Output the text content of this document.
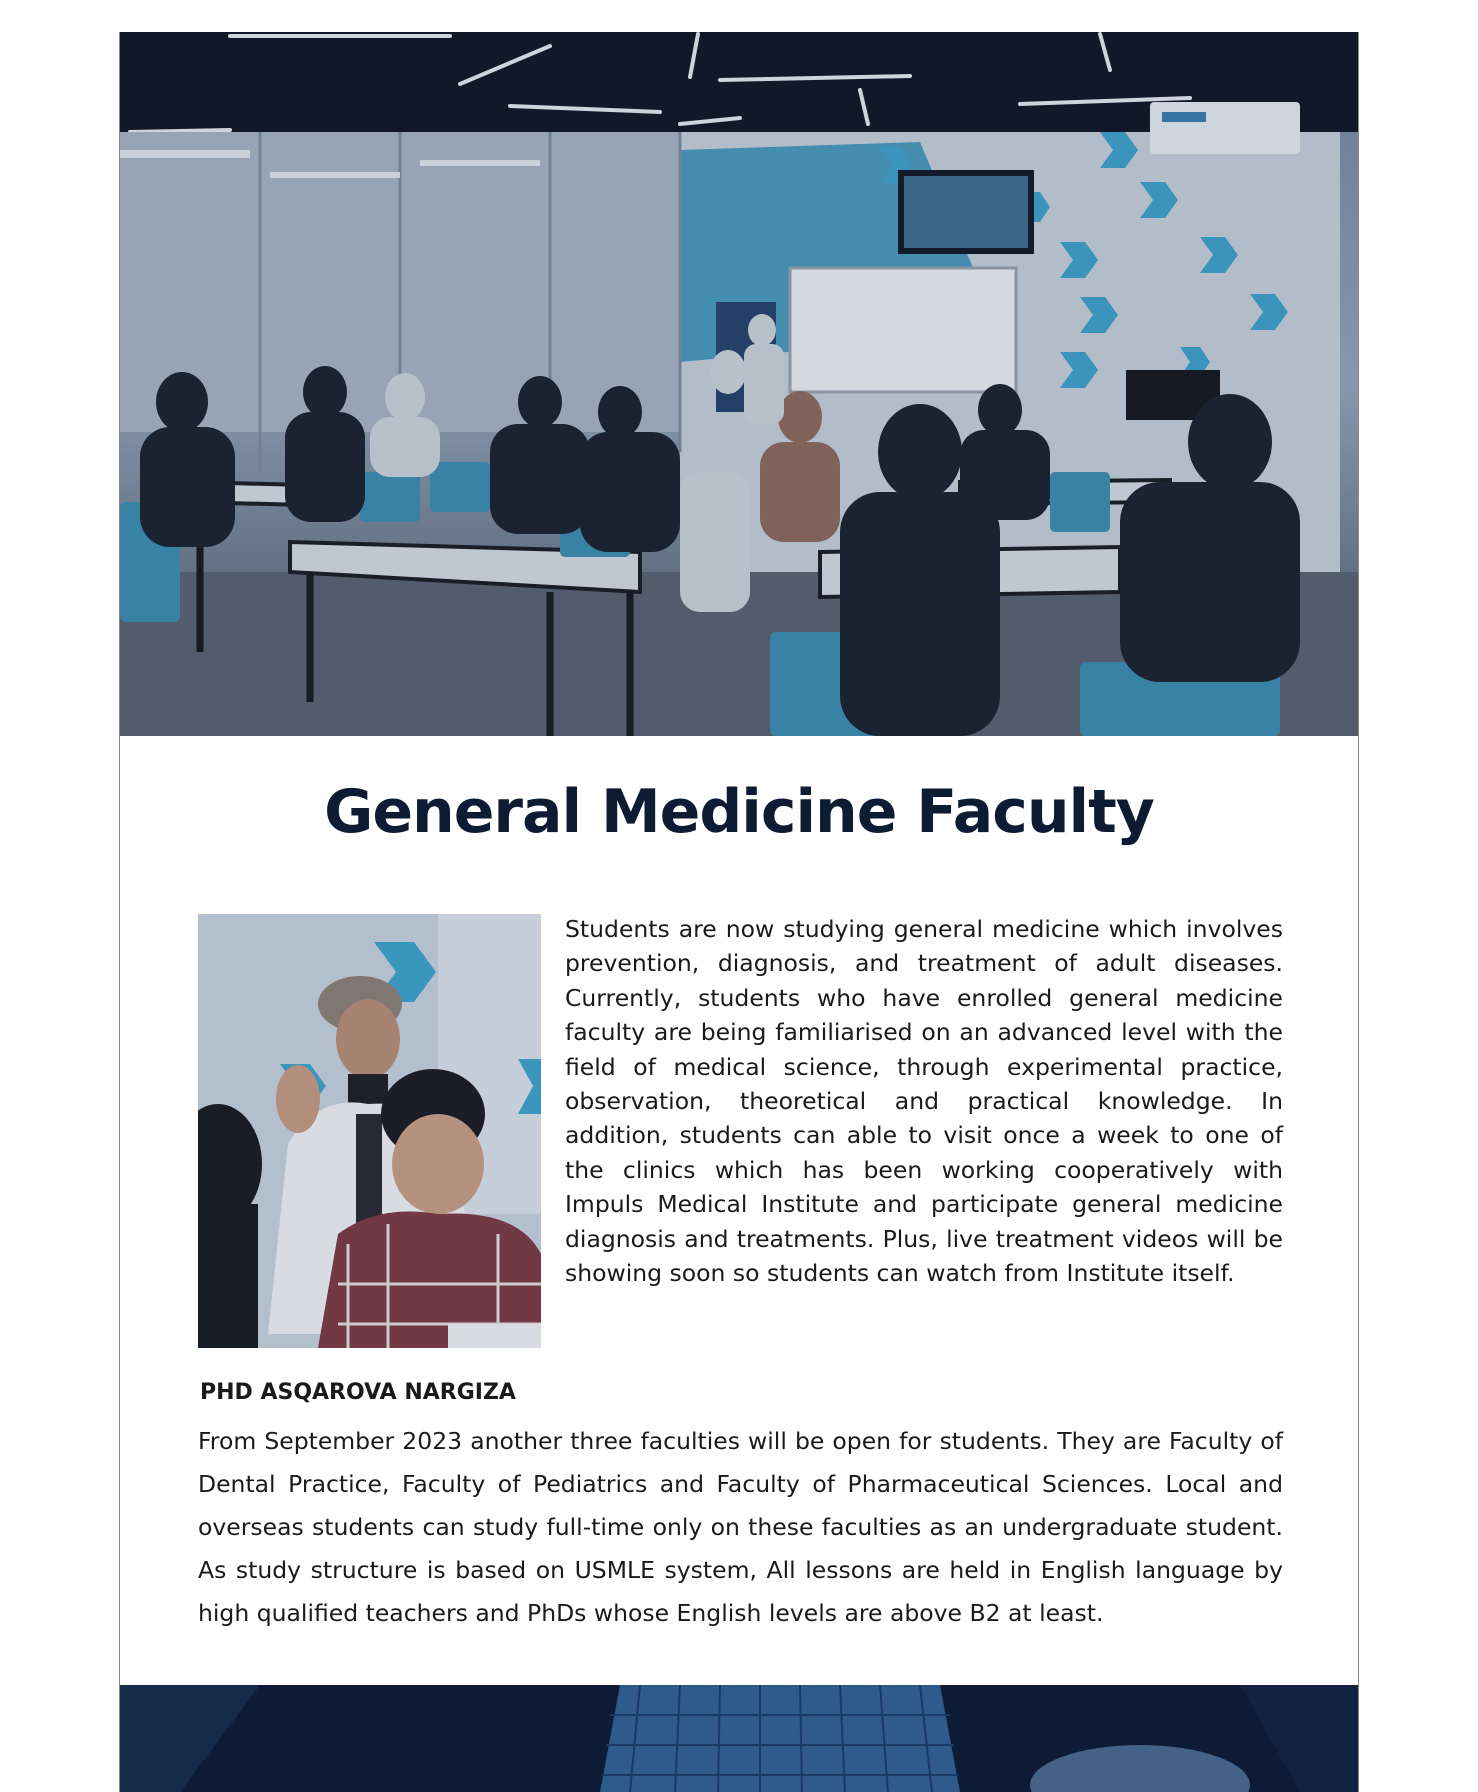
General Medicine Faculty

Students are now studying general medicine which involves prevention, diagnosis, and treatment of adult diseases. Currently, students who have enrolled general medicine faculty are being familiarised on an advanced level with the field of medical science, through experimental practice, observation, theoretical and practical knowledge. In addition, students can able to visit once a week to one of the clinics which has been working cooperatively with Impuls Medical Institute and participate general medicine diagnosis and treatments. Plus, live treatment videos will be showing soon so students can watch from Institute itself.

PHD ASQAROVA NARGIZA

From September 2023 another three faculties will be open for students. They are Faculty of Dental Practice, Faculty of Pediatrics and Faculty of Pharmaceutical Sciences. Local and overseas students can study full-time only on these faculties as an undergraduate student. As study structure is based on USMLE system, All lessons are held in English language by high qualified teachers and PhDs whose English levels are above B2 at least.
